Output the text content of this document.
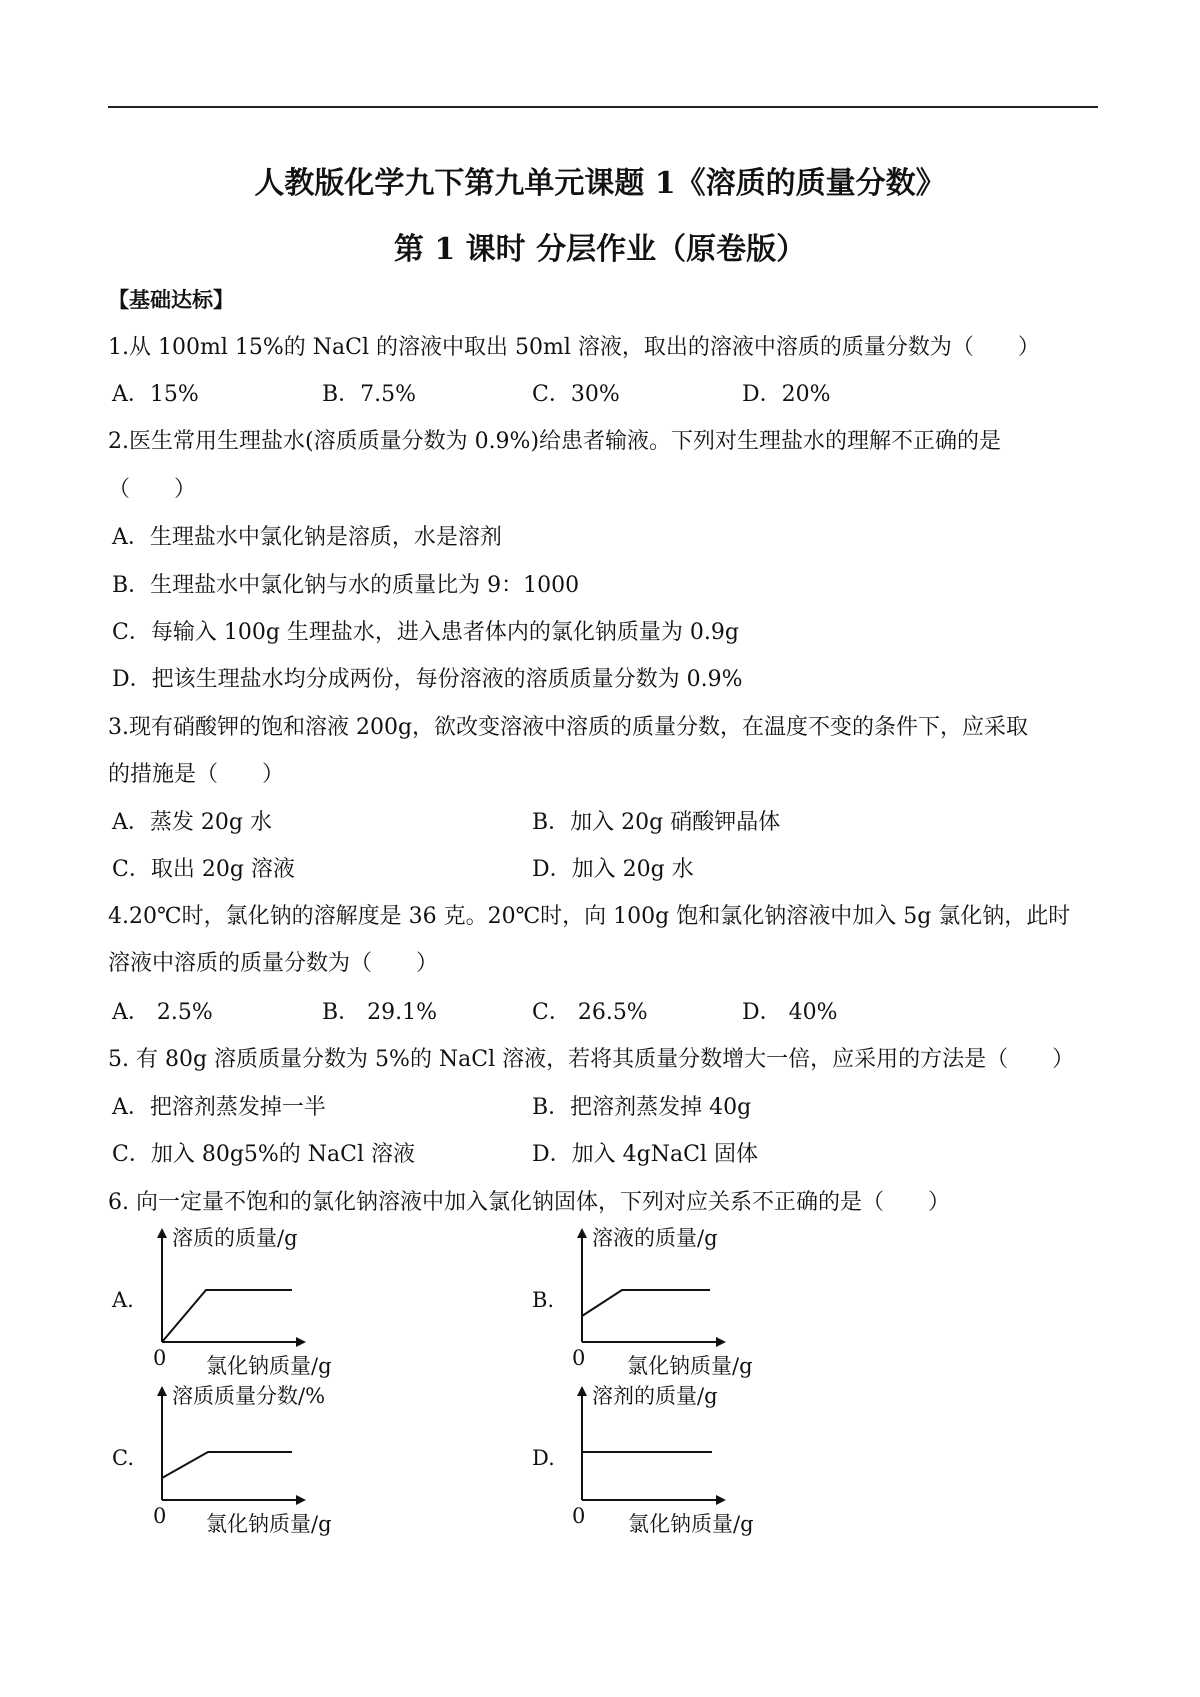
人教版化学九下第九单元课题 1《溶质的质量分数》
第 1 课时 分层作业（原卷版）
【基础达标】
1.从 100ml 15%的 NaCl 的溶液中取出 50ml 溶液，取出的溶液中溶质的质量分数为（　　）
A．15%	B．7.5%	C．30%	D．20%
2.医生常用生理盐水(溶质质量分数为 0.9%)给患者输液。下列对生理盐水的理解不正确的是
（　　）
A．生理盐水中氯化钠是溶质，水是溶剂
B．生理盐水中氯化钠与水的质量比为 9：1000
C．每输入 100g 生理盐水，进入患者体内的氯化钠质量为 0.9g
D．把该生理盐水均分成两份，每份溶液的溶质质量分数为 0.9%
3.现有硝酸钾的饱和溶液 200g，欲改变溶液中溶质的质量分数，在温度不变的条件下，应采取
的措施是（　　）
A．蒸发 20g 水	B．加入 20g 硝酸钾晶体
C．取出 20g 溶液	D．加入 20g 水
4.20℃时，氯化钠的溶解度是 36 克。20℃时，向 100g 饱和氯化钠溶液中加入 5g 氯化钠，此时
溶液中溶质的质量分数为（　　）
A． 2.5%	B． 29.1%	C． 26.5%	D． 40%
5. 有 80g 溶质质量分数为 5%的 NaCl 溶液，若将其质量分数增大一倍，应采用的方法是（　　）
A．把溶剂蒸发掉一半	B．把溶剂蒸发掉 40g
C．加入 80g5%的 NaCl 溶液	D．加入 4gNaCl 固体
6. 向一定量不饱和的氯化钠溶液中加入氯化钠固体，下列对应关系不正确的是（　　）
A.
溶质的质量/g
氯化钠质量/g
0
B.
溶液的质量/g
氯化钠质量/g
0
C.
溶质质量分数/%
氯化钠质量/g
0
D.
溶剂的质量/g
氯化钠质量/g
0
